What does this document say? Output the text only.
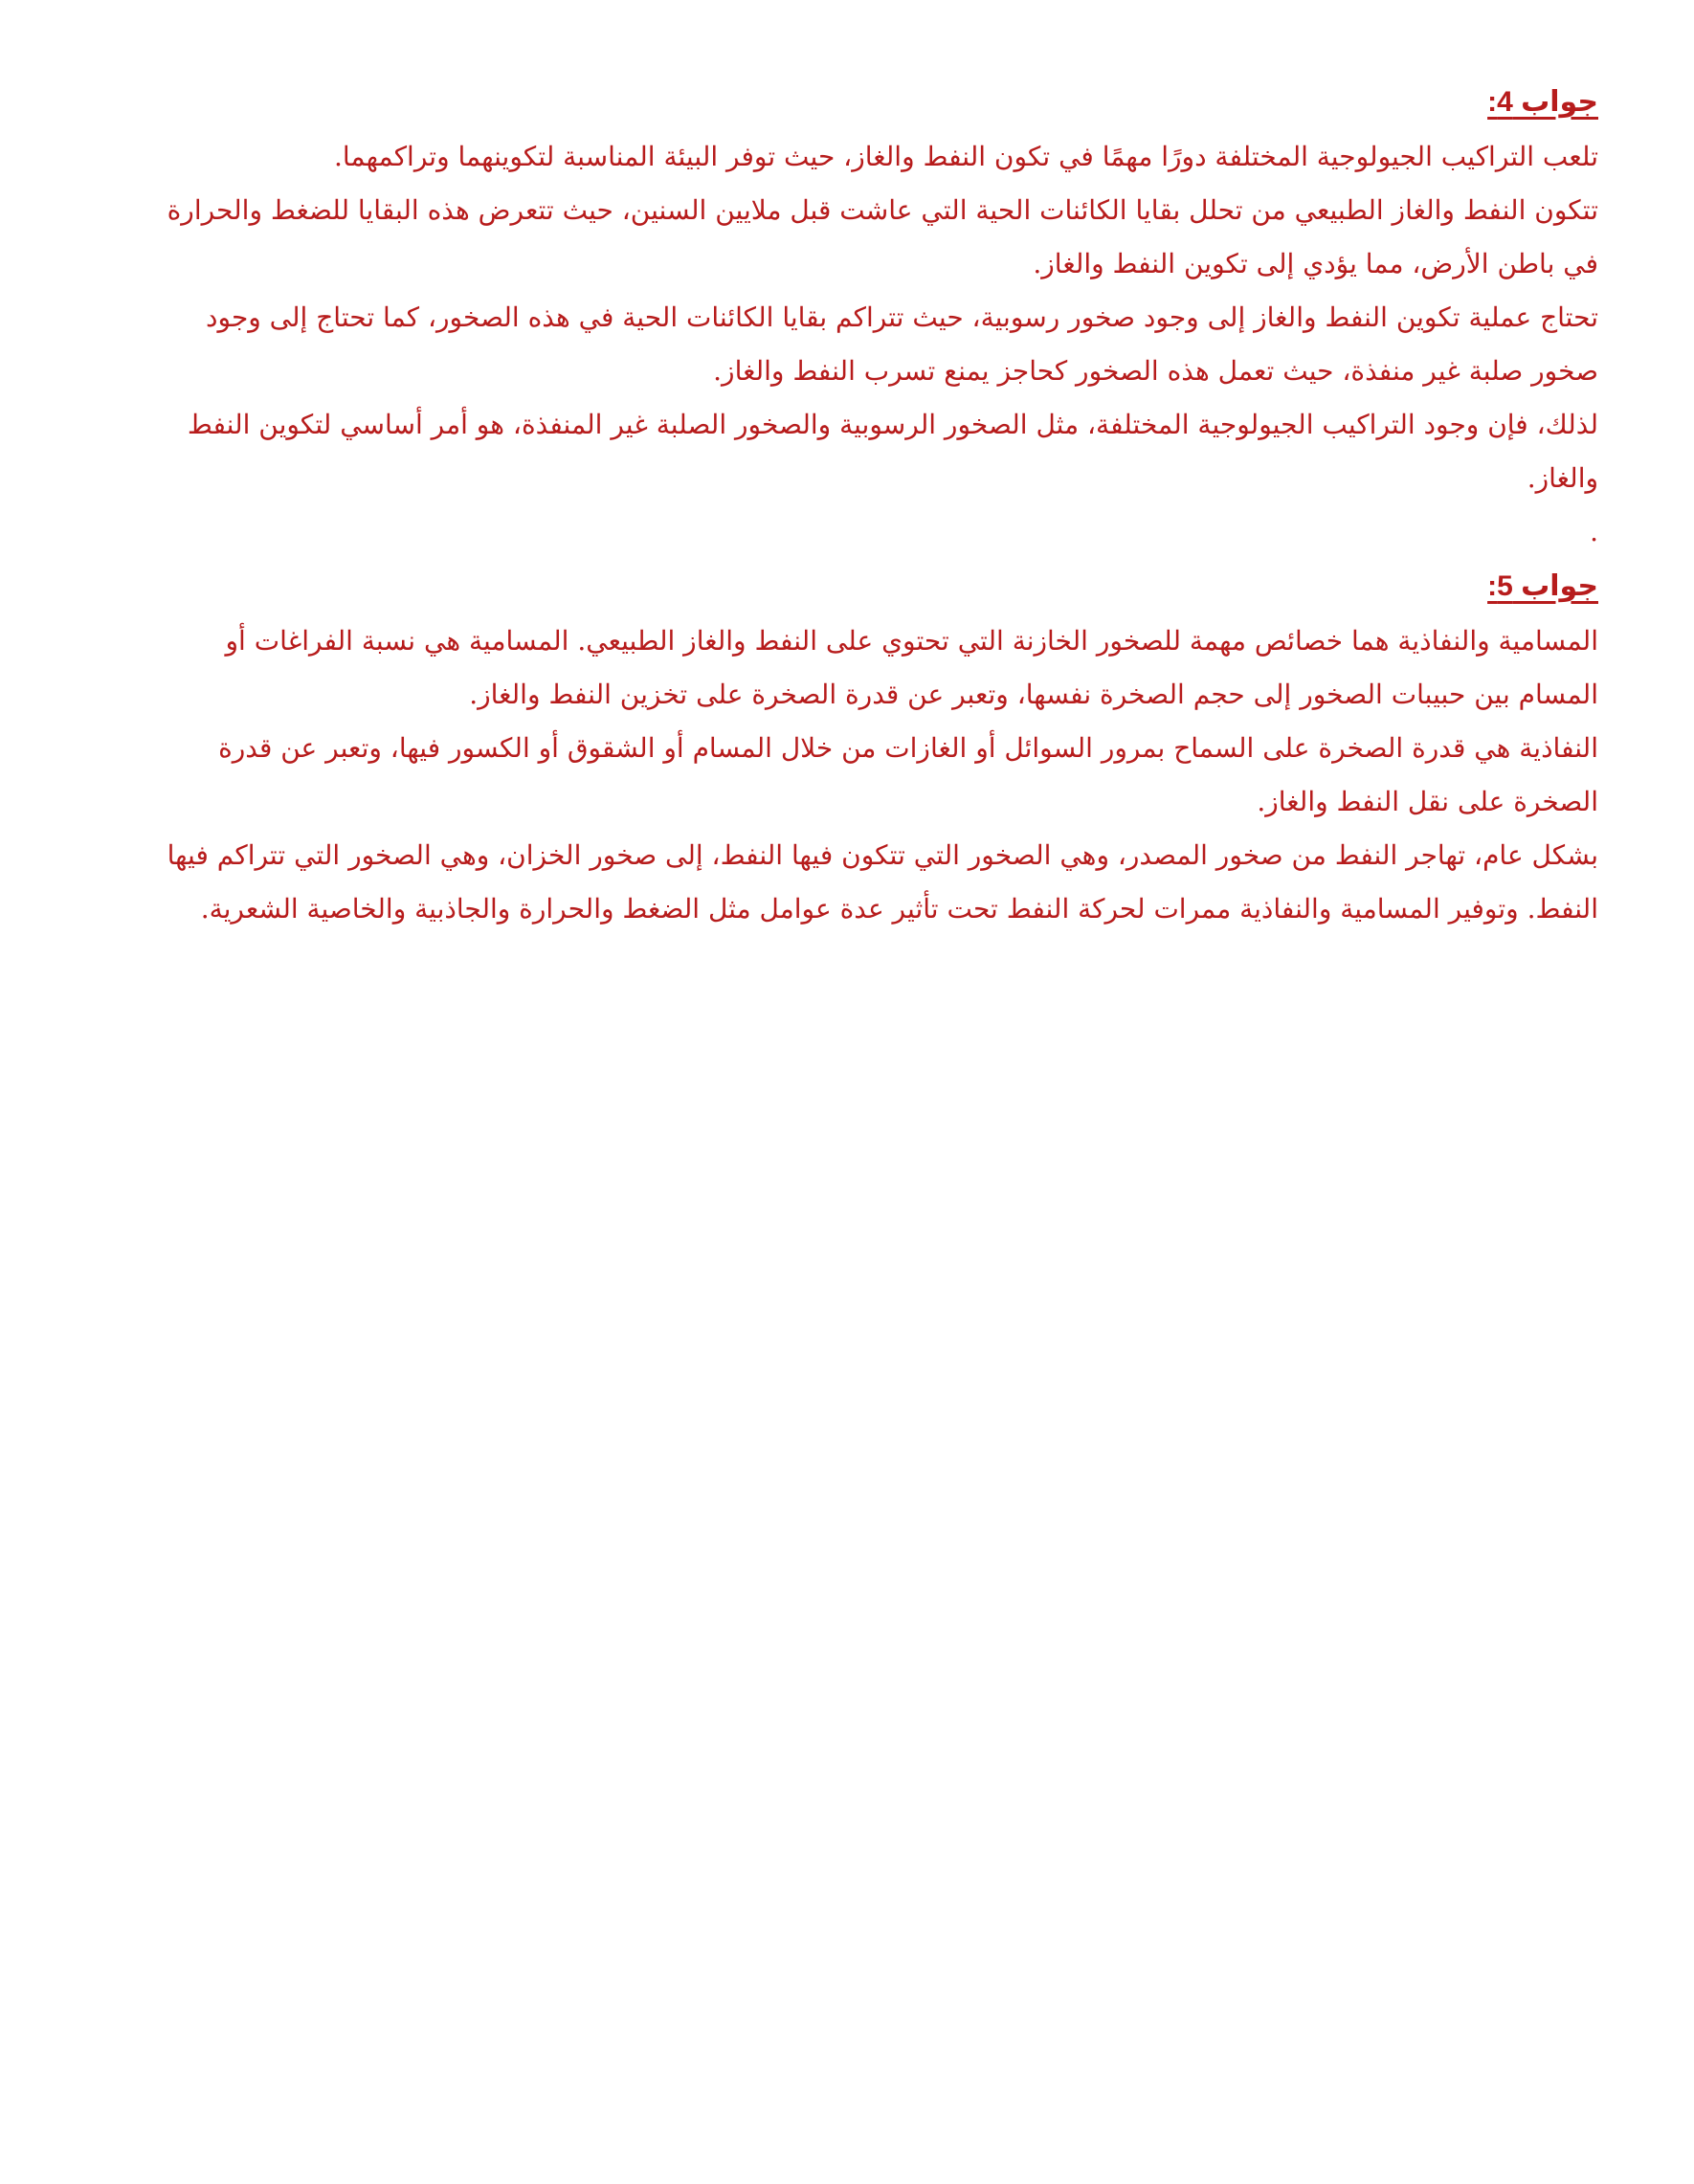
جواب 4:

تلعب التراكيب الجيولوجية المختلفة دورًا مهمًا في تكون النفط والغاز، حيث توفر البيئة المناسبة لتكوينهما وتراكمهما.

تتكون النفط والغاز الطبيعي من تحلل بقايا الكائنات الحية التي عاشت قبل ملايين السنين، حيث تتعرض هذه البقايا للضغط والحرارة في باطن الأرض، مما يؤدي إلى تكوين النفط والغاز.

تحتاج عملية تكوين النفط والغاز إلى وجود صخور رسوبية، حيث تتراكم بقايا الكائنات الحية في هذه الصخور، كما تحتاج إلى وجود صخور صلبة غير منفذة، حيث تعمل هذه الصخور كحاجز يمنع تسرب النفط والغاز.

لذلك، فإن وجود التراكيب الجيولوجية المختلفة، مثل الصخور الرسوبية والصخور الصلبة غير المنفذة، هو أمر أساسي لتكوين النفط والغاز.

.
جواب 5:

المسامية والنفاذية هما خصائص مهمة للصخور الخازنة التي تحتوي على النفط والغاز الطبيعي. المسامية هي نسبة الفراغات أو المسام بين حبيبات الصخور إلى حجم الصخرة نفسها، وتعبر عن قدرة الصخرة على تخزين النفط والغاز.

النفاذية هي قدرة الصخرة على السماح بمرور السوائل أو الغازات من خلال المسام أو الشقوق أو الكسور فيها، وتعبر عن قدرة الصخرة على نقل النفط والغاز.

بشكل عام، تهاجر النفط من صخور المصدر، وهي الصخور التي تتكون فيها النفط، إلى صخور الخزان، وهي الصخور التي تتراكم فيها النفط. وتوفير المسامية والنفاذية ممرات لحركة النفط تحت تأثير عدة عوامل مثل الضغط والحرارة والجاذبية والخاصية الشعرية.
